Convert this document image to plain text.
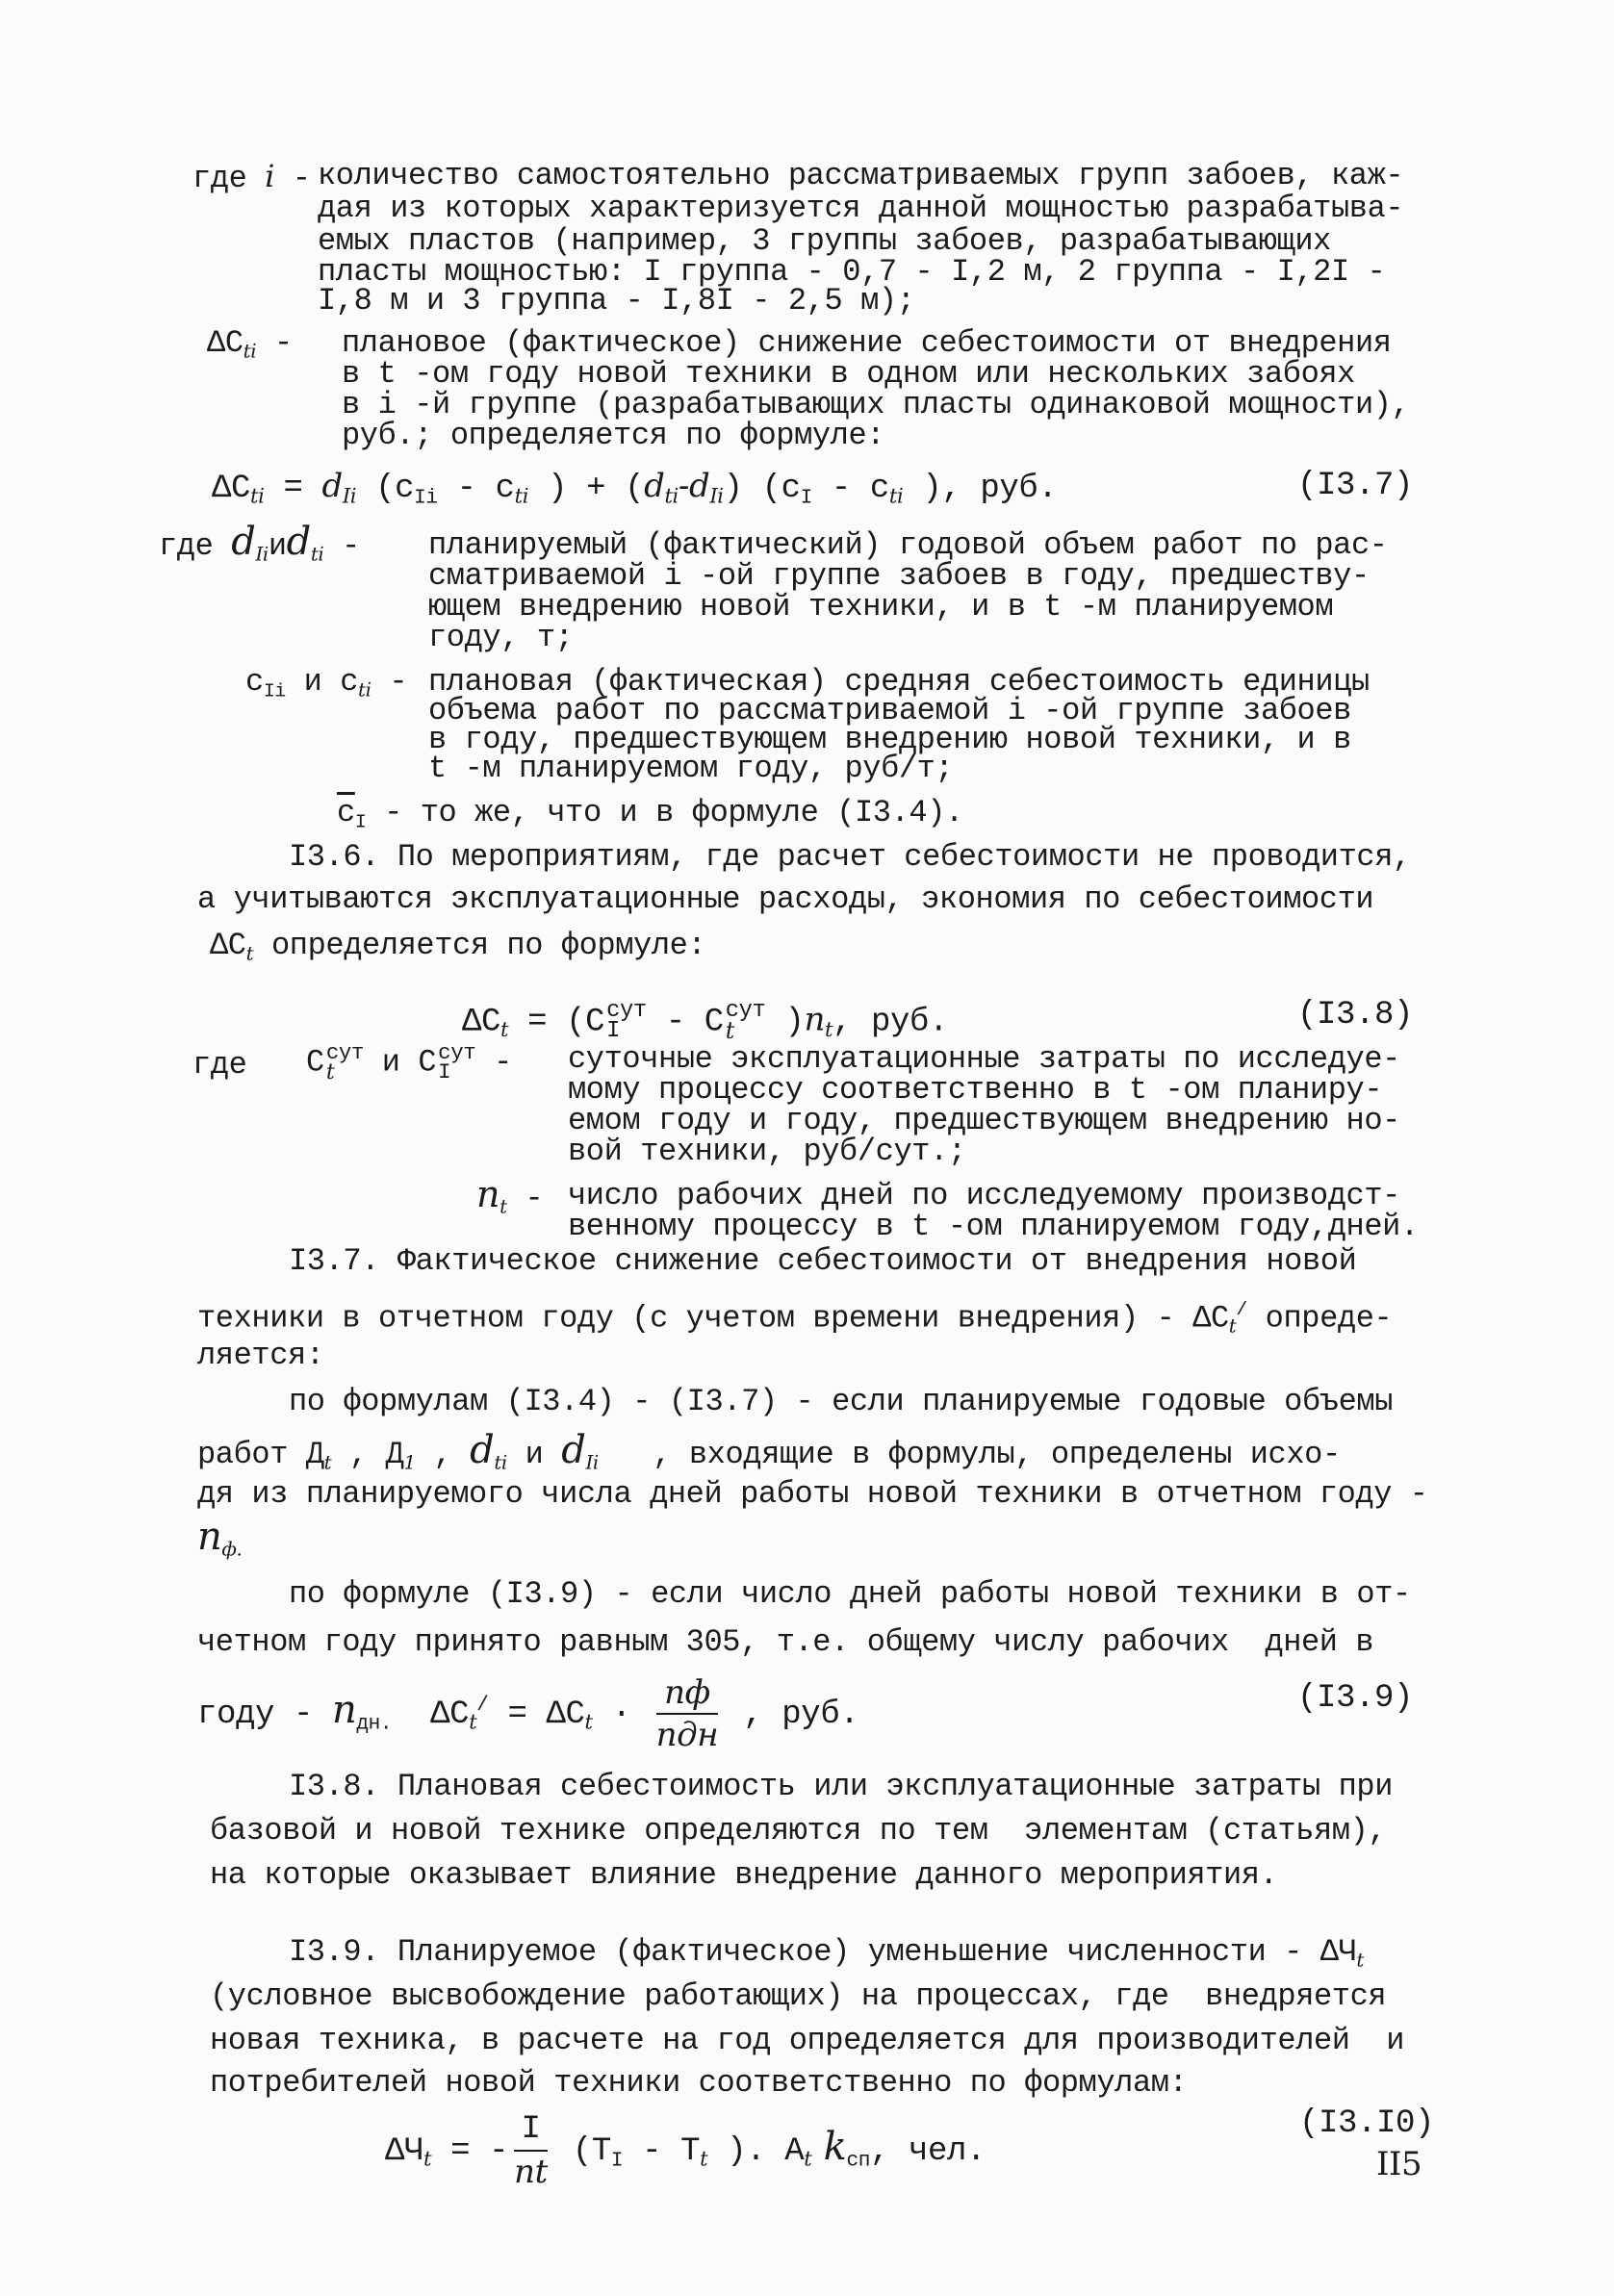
где i -
количество самостоятельно рассматриваемых групп забоев, каж-
дая из которых характеризуется данной мощностью разрабатыва-
емых пластов (например, 3 группы забоев, разрабатывающих
пласты мощностью: I группа - 0,7 - I,2 м, 2 группа - I,2I -
I,8 м и 3 группа - I,8I - 2,5 м);
$\Delta C_{ti}$ - плановое (фактическое) снижение себестоимости от внедрения
в t -ом году новой техники в одном или нескольких забоях
в i -й группе (разрабатывающих пласты одинаковой мощности),
руб.; определяется по формуле:
$\Delta C_{ti} = d_{Ii}$ ($c_{Ii} - c_{ti}$ ) + $(d_{ti}-d_{Ii})$ ($c_I - c_{ti}$ ), руб.	(I3.7)
где $d_{Ii}иd_{ti}$ - планируемый (фактический) годовой объем работ по рас-
сматриваемой i -ой группе забоев в году, предшеству-
ющем внедрению новой техники, и в t -м планируемом
году, т;
$c_{Ii}$ и $c_{ti}$ - плановая (фактическая) средняя себестоимость единицы
объема работ по рассматриваемой i -ой группе забоев
в году, предшествующем внедрению новой техники, и в
t -м планируемом году, руб/т;
$\overline{c}_I$ - то же, что и в формуле (I3.4).
I3.6. По мероприятиям, где расчет себестоимости не проводится,
а учитываются эксплуатационные расходы, экономия по себестоимости
$\Delta C_t$ определяется по формуле:
$\Delta C_t = (C$ сут
I - C сут
t )$n_t$, руб.	(I3.8)
где C сут
t и C сут
I - суточные эксплуатационные затраты по исследуе-
мому процессу соответственно в t -ом планиру-
емом году и году, предшествующем внедрению но-
вой техники, руб/сут.;
$n_t$ - число рабочих дней по исследуемому производст-
венному процессу в t -ом планируемом году,дней.
I3.7. Фактическое снижение себестоимости от внедрения новой
техники в отчетном году (с учетом времени внедрения) - $\Delta C_t^/$ опреде-
ляется:
по формулам (I3.4) - (I3.7) - если планируемые годовые объемы
работ $Д_t$ , $Д_1$ , $d_{ti}$ и $d_{Ii}$   , входящие в формулы, определены исхо-
дя из планируемого числа дней работы новой техники в отчетном году -
$n_{ф.}$
по формуле (I3.9) - если число дней работы новой техники в от-
четном году принято равным 305, т.е. общему числу рабочих  дней в
году - $n_{дн.}$ $\Delta C_t^/ = \Delta C_t \cdot \frac{nф}{\text{nдн}}$ , руб.	(I3.9)
I3.8. Плановая себестоимость или эксплуатационные затраты при
базовой и новой технике определяются по тем  элементам (статьям),
на которые оказывает влияние внедрение данного мероприятия.
I3.9. Планируемое (фактическое) уменьшение численности - $\Delta Ч_t$
(условное высвобождение работающих) на процессах, где  внедряется
новая техника, в расчете на год определяется для производителей  и
потребителей новой техники соответственно по формулам:
$\Delta Ч_t$ = - $\frac{I}{nt} (T_I - T_t$ ). $A_t$ $k_{сп}$, чел.
(I3.I0)
II5
